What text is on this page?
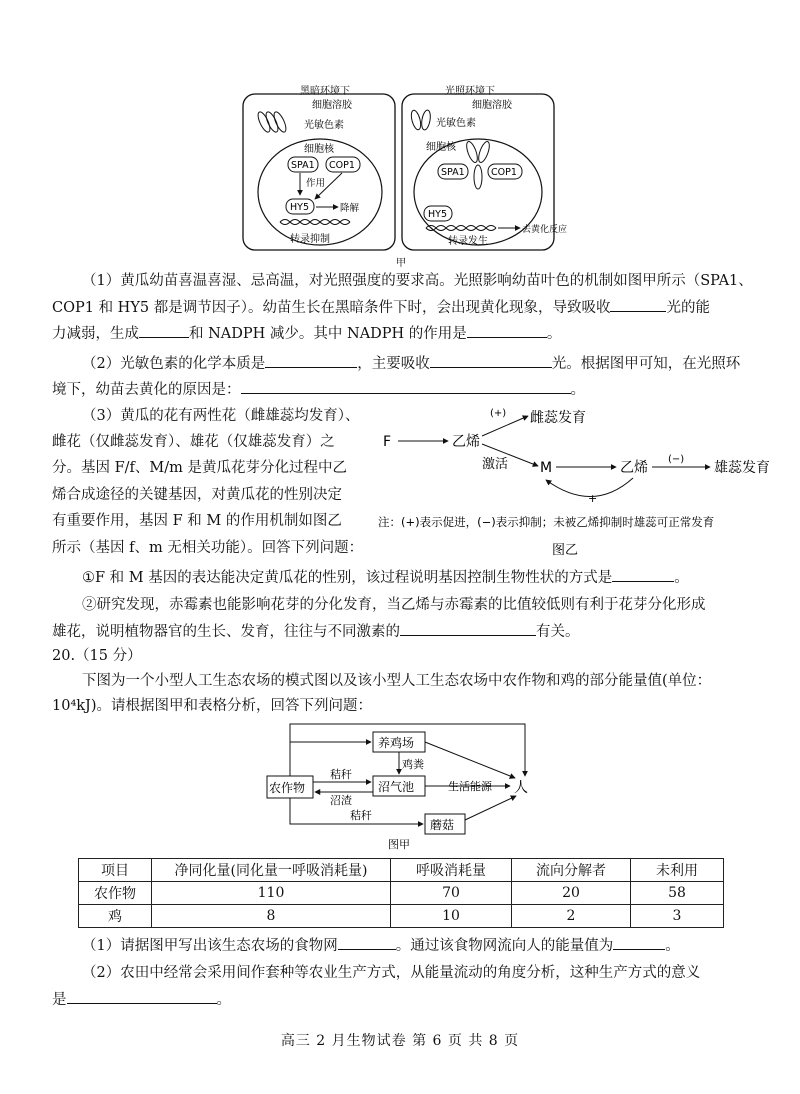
黑暗环境下
细胞溶胶
光敏色素
细胞核
SPA1 COP1
作用
HY5	降解
转录抑制
光照环境下
细胞溶胶
光敏色素
细胞核
SPA1	COP1
HY5
去黄化反应
转录发生
甲
（1）黄瓜幼苗喜温喜湿、忌高温，对光照强度的要求高。光照影响幼苗叶色的机制如图甲所示（SPA1、
COP1 和 HY5 都是调节因子）。幼苗生长在黑暗条件下时，会出现黄化现象，导致吸收	光的能
力减弱，生成	和 NADPH 减少。其中 NADPH 的作用是	。
（2）光敏色素的化学本质是	，主要吸收	光。根据图甲可知，在光照环
境下，幼苗去黄化的原因是：	。
（3）黄瓜的花有两性花（雌雄蕊均发育）、
雌花（仅雌蕊发育）、雄花（仅雄蕊发育）之
分。基因 F/f、M/m 是黄瓜花芽分化过程中乙
烯合成途径的关键基因，对黄瓜花的性别决定
有重要作用，基因 F 和 M 的作用机制如图乙
所示（基因 f、m 无相关功能）。回答下列问题：
F	乙烯
(+) 雌蕊发育
激活 M	乙烯
(−)
雄蕊发育
+
注：(+)表示促进，(−)表示抑制；未被乙烯抑制时雄蕊可正常发育
图乙
①F 和 M 基因的表达能决定黄瓜花的性别，该过程说明基因控制生物性状的方式是	。
②研究发现，赤霉素也能影响花芽的分化发育，当乙烯与赤霉素的比值较低则有利于花芽分化形成
雄花，说明植物器官的生长、发育，往往与不同激素的	有关。
20.（15 分）
下图为一个小型人工生态农场的模式图以及该小型人工生态农场中农作物和鸡的部分能量值(单位：
10⁴kJ)。请根据图甲和表格分析，回答下列问题：
养鸡场
农作物	沼气池
蘑菇
人
鸡粪
秸秆
沼渣
生活能源
秸秆
图甲
项目	净同化量(同化量一呼吸消耗量)	呼吸消耗量	流向分解者	未利用
农作物	110	70	20	58
鸡	8	10	2	3
（1）请据图甲写出该生态农场的食物网	。通过该食物网流向人的能量值为	。
（2）农田中经常会采用间作套种等农业生产方式，从能量流动的角度分析，这种生产方式的意义
是	。
高三 2 月生物试卷 第 6 页 共 8 页
